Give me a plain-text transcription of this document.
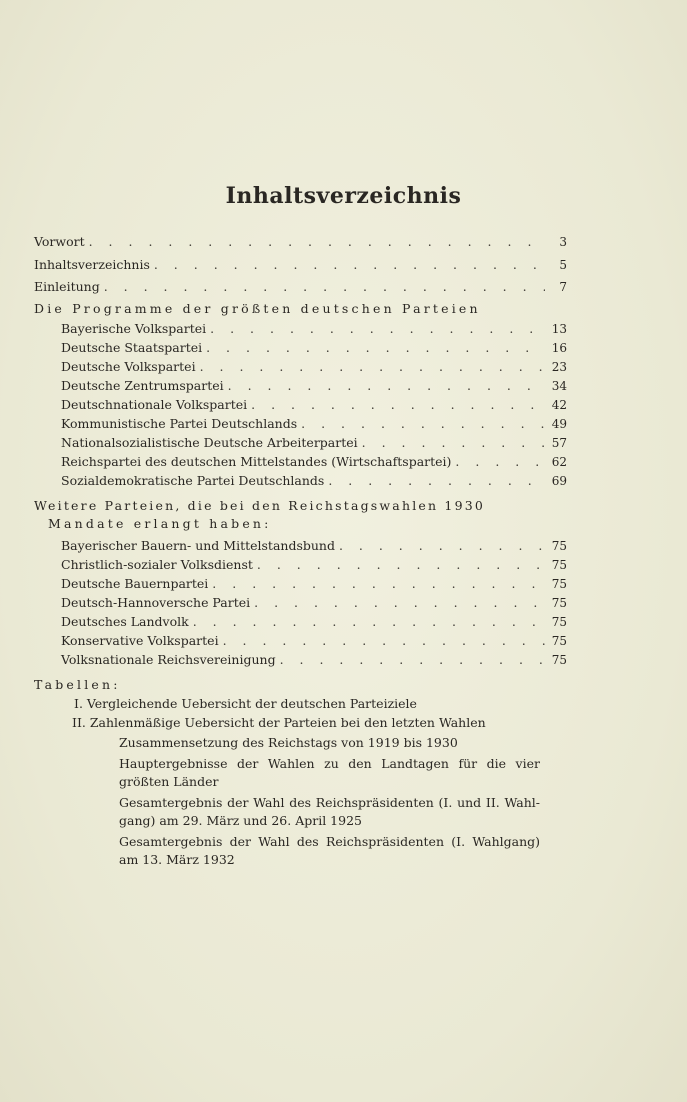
Inhaltsverzeichnis
Vorwort . . .	3
Inhaltsverzeichnis . . .	5
Einleitung . . .	7
Die Programme der größten deutschen Parteien
Bayerische Volkspartei . . .	13
Deutsche Staatspartei . . .	16
Deutsche Volkspartei . . .	23
Deutsche Zentrumspartei . . .	34
Deutschnationale Volkspartei . . .	42
Kommunistische Partei Deutschlands . . .	49
Nationalsozialistische Deutsche Arbeiterpartei . . .	57
Reichspartei des deutschen Mittelstandes (Wirtschaftspartei) . . .	62
Sozialdemokratische Partei Deutschlands . . .	69
Weitere Parteien, die bei den Reichstagswahlen 1930
Mandate erlangt haben:
Bayerischer Bauern- und Mittelstandsbund . . .	75
Christlich-sozialer Volksdienst . . .	75
Deutsche Bauernpartei . . .	75
Deutsch-Hannoversche Partei . . .	75
Deutsches Landvolk . . .	75
Konservative Volkspartei . . .	75
Volksnationale Reichsvereinigung . . .	75
Tabellen:
I. Vergleichende Uebersicht der deutschen Parteiziele
II. Zahlenmäßige Uebersicht der Parteien bei den letzten Wahlen
Zusammensetzung des Reichstags von 1919 bis 1930
Hauptergebnisse der Wahlen zu den Landtagen für die vier
größten Länder
Gesamtergebnis der Wahl des Reichspräsidenten (I. und II. Wahl-
gang) am 29. März und 26. April 1925
Gesamtergebnis der Wahl des Reichspräsidenten (I. Wahlgang)
am 13. März 1932
